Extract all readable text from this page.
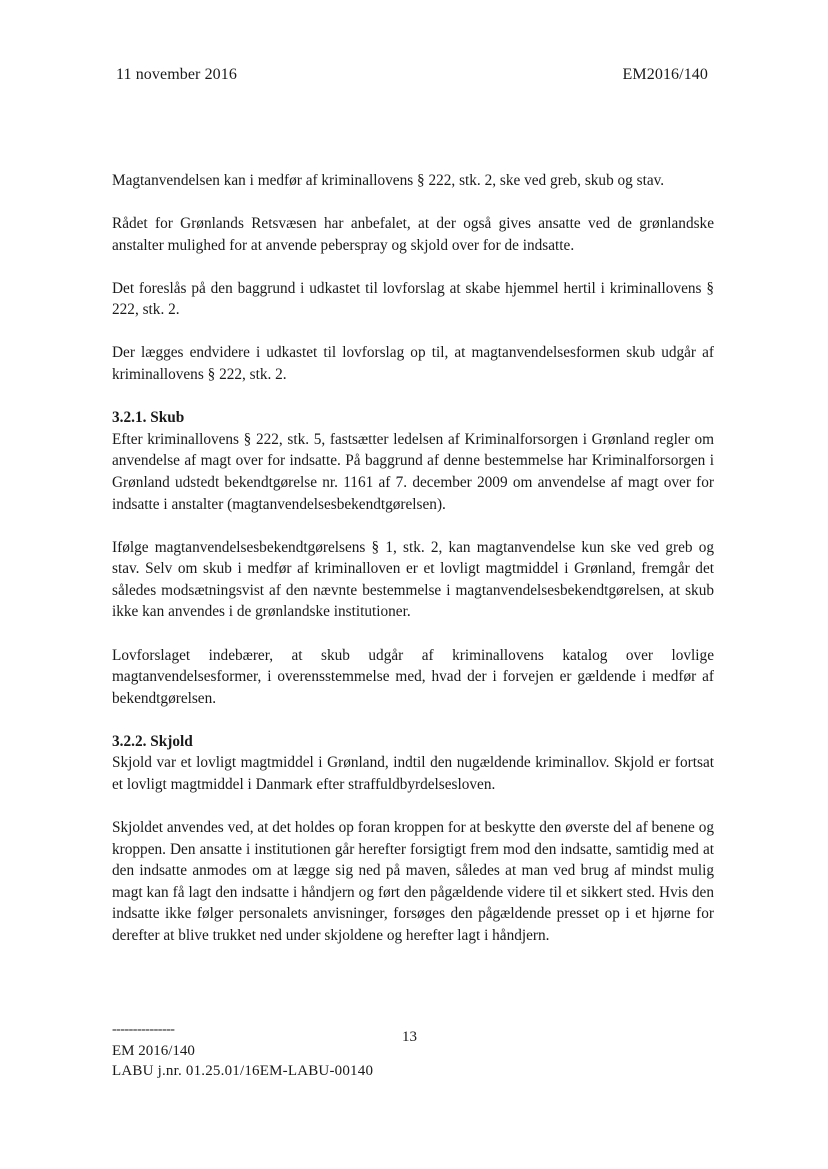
11 november 2016	EM2016/140

Magtanvendelsen kan i medfør af kriminallovens § 222, stk. 2, ske ved greb, skub og stav.

Rådet for Grønlands Retsvæsen har anbefalet, at der også gives ansatte ved de grønlandske anstalter mulighed for at anvende peberspray og skjold over for de indsatte.

Det foreslås på den baggrund i udkastet til lovforslag at skabe hjemmel hertil i kriminallovens § 222, stk. 2.

Der lægges endvidere i udkastet til lovforslag op til, at magtanvendelsesformen skub udgår af kriminallovens § 222, stk. 2.

3.2.1. Skub

Efter kriminallovens § 222, stk. 5, fastsætter ledelsen af Kriminalforsorgen i Grønland regler om anvendelse af magt over for indsatte. På baggrund af denne bestemmelse har Kriminalforsorgen i Grønland udstedt bekendtgørelse nr. 1161 af 7. december 2009 om anvendelse af magt over for indsatte i anstalter (magtanvendelsesbekendtgørelsen).

Ifølge magtanvendelsesbekendtgørelsens § 1, stk. 2, kan magtanvendelse kun ske ved greb og stav. Selv om skub i medfør af kriminalloven er et lovligt magtmiddel i Grønland, fremgår det således modsætningsvist af den nævnte bestemmelse i magtanvendelsesbekendtgørelsen, at skub ikke kan anvendes i de grønlandske institutioner.

Lovforslaget indebærer, at skub udgår af kriminallovens katalog over lovlige magtanvendelsesformer, i overensstemmelse med, hvad der i forvejen er gældende i medfør af bekendtgørelsen.

3.2.2. Skjold

Skjold var et lovligt magtmiddel i Grønland, indtil den nugældende kriminallov. Skjold er fortsat et lovligt magtmiddel i Danmark efter straffuldbyrdelsesloven.

Skjoldet anvendes ved, at det holdes op foran kroppen for at beskytte den øverste del af benene og kroppen. Den ansatte i institutionen går herefter forsigtigt frem mod den indsatte, samtidig med at den indsatte anmodes om at lægge sig ned på maven, således at man ved brug af mindst mulig magt kan få lagt den indsatte i håndjern og ført den pågældende videre til et sikkert sted. Hvis den indsatte ikke følger personalets anvisninger, forsøges den pågældende presset op i et hjørne for derefter at blive trukket ned under skjoldene og herefter lagt i håndjern.

---------------	13
EM 2016/140
LABU j.nr. 01.25.01/16EM-LABU-00140
